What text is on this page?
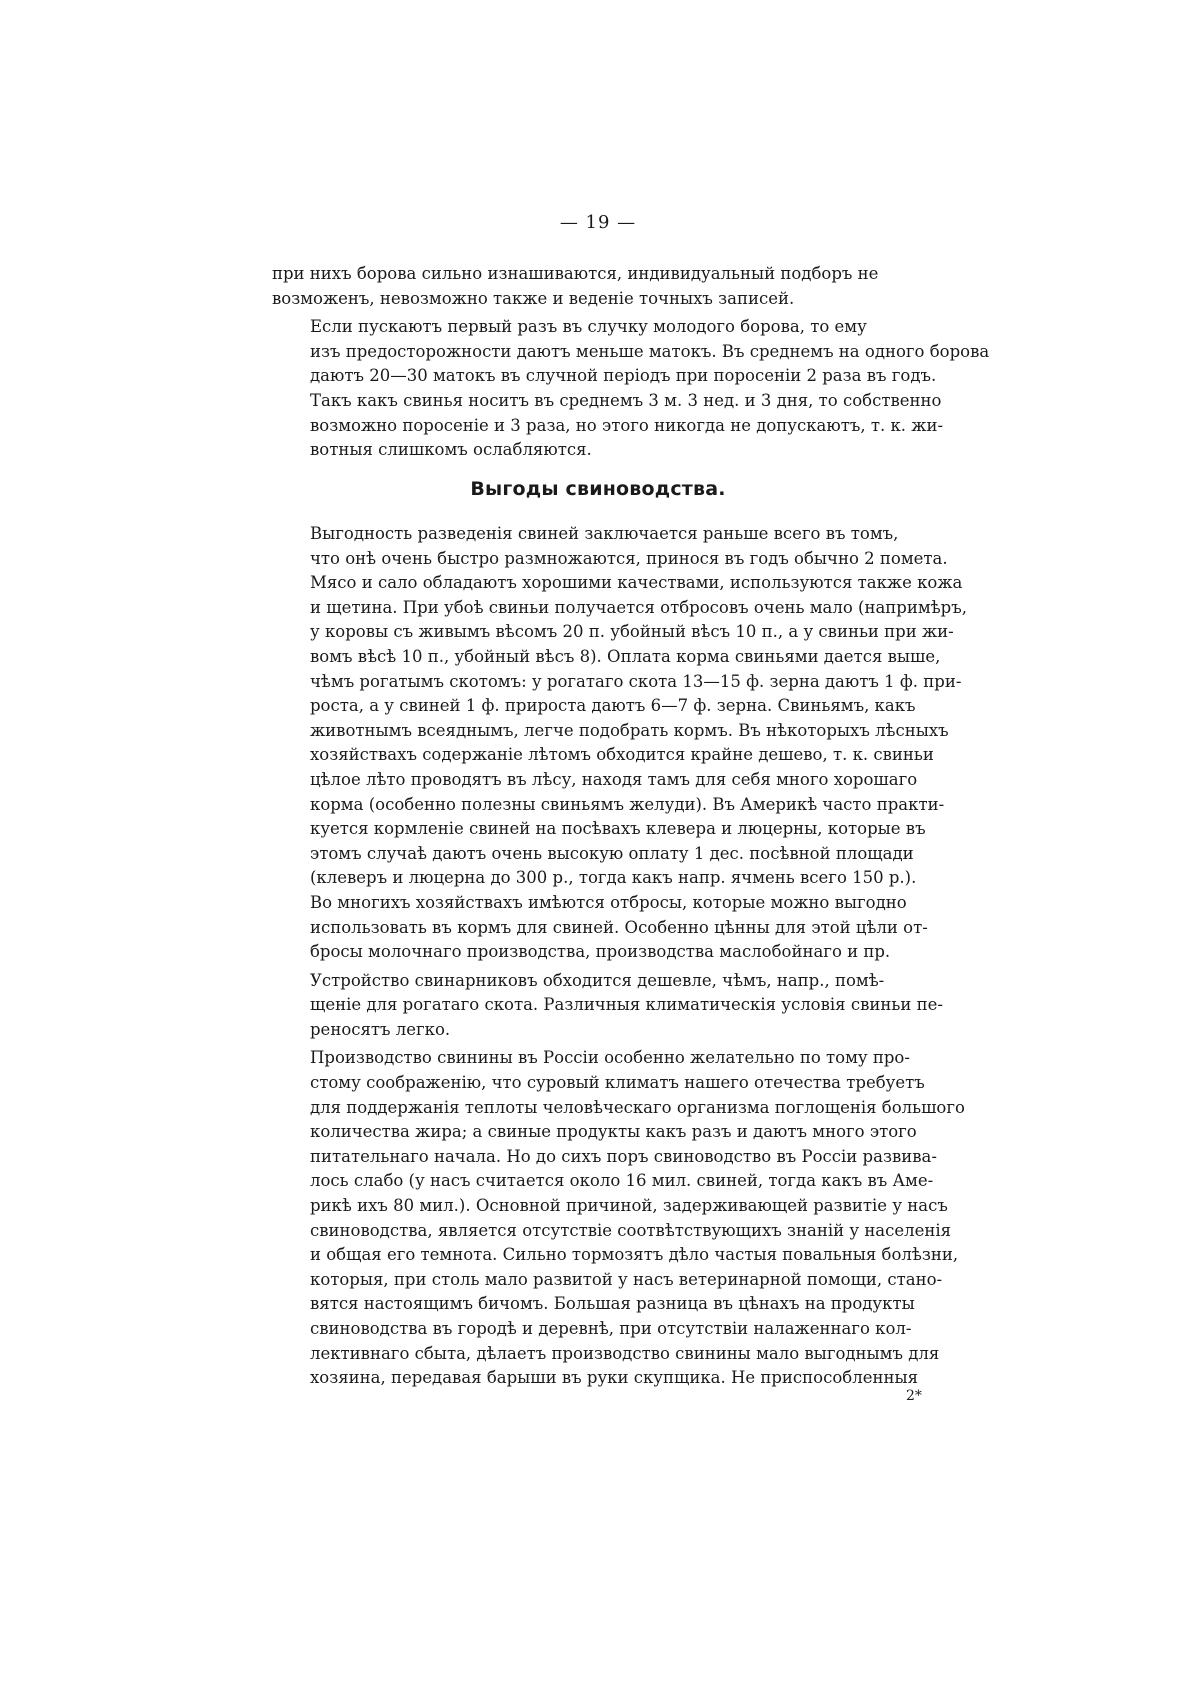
— 19 —

при нихъ борова сильно изнашиваются, индивидуальный подборъ не
возможенъ, невозможно также и веденіе точныхъ записей.

Если пускаютъ первый разъ въ случку молодого борова, то ему
изъ предосторожности даютъ меньше матокъ. Въ среднемъ на одного борова
даютъ 20—30 матокъ въ случной періодъ при поросеніи 2 раза въ годъ.
Такъ какъ свинья носитъ въ среднемъ 3 м. 3 нед. и 3 дня, то собственно
возможно поросеніе и 3 раза, но этого никогда не допускаютъ, т. к. жи-
вотныя слишкомъ ослабляются.

Выгоды свиноводства.

Выгодность разведенія свиней заключается раньше всего въ томъ,
что онѣ очень быстро размножаются, принося въ годъ обычно 2 помета.
Мясо и сало обладаютъ хорошими качествами, используются также кожа
и щетина. При убоѣ свиньи получается отбросовъ очень мало (напримѣръ,
у коровы съ живымъ вѣсомъ 20 п. убойный вѣсъ 10 п., а у свиньи при жи-
вомъ вѣсѣ 10 п., убойный вѣсъ 8). Оплата корма свиньями дается выше,
чѣмъ рогатымъ скотомъ: у рогатаго скота 13—15 ф. зерна даютъ 1 ф. при-
роста, а у свиней 1 ф. прироста даютъ 6—7 ф. зерна. Свиньямъ, какъ
животнымъ всеяднымъ, легче подобрать кормъ. Въ нѣкоторыхъ лѣсныхъ
хозяйствахъ содержаніе лѣтомъ обходится крайне дешево, т. к. свиньи
цѣлое лѣто проводятъ въ лѣсу, находя тамъ для себя много хорошаго
корма (особенно полезны свиньямъ желуди). Въ Америкѣ часто практи-
куется кормленіе свиней на посѣвахъ клевера и люцерны, которые въ
этомъ случаѣ даютъ очень высокую оплату 1 дес. посѣвной площади
(клеверъ и люцерна до 300 р., тогда какъ напр. ячмень всего 150 р.).
Во многихъ хозяйствахъ имѣются отбросы, которые можно выгодно
использовать въ кормъ для свиней. Особенно цѣнны для этой цѣли от-
бросы молочнаго производства, производства маслобойнаго и пр.

Устройство свинарниковъ обходится дешевле, чѣмъ, напр., помѣ-
щеніе для рогатаго скота. Различныя климатическія условія свиньи пе-
реносятъ легко.

Производство свинины въ Россіи особенно желательно по тому про-
стому соображенію, что суровый климатъ нашего отечества требуетъ
для поддержанія теплоты человѣческаго организма поглощенія большого
количества жира; а свиные продукты какъ разъ и даютъ много этого
питательнаго начала. Но до сихъ поръ свиноводство въ Россіи развива-
лось слабо (у насъ считается около 16 мил. свиней, тогда какъ въ Аме-
рикѣ ихъ 80 мил.). Основной причиной, задерживающей развитіе у насъ
свиноводства, является отсутствіе соотвѣтствующихъ знаній у населенія
и общая его темнота. Сильно тормозятъ дѣло частыя повальныя болѣзни,
которыя, при столь мало развитой у насъ ветеринарной помощи, стано-
вятся настоящимъ бичомъ. Большая разница въ цѣнахъ на продукты
свиноводства въ городѣ и деревнѣ, при отсутствіи налаженнаго кол-
лективнаго сбыта, дѣлаетъ производство свинины мало выгоднымъ для
хозяина, передавая барыши въ руки скупщика. Не приспособленныя

2*
